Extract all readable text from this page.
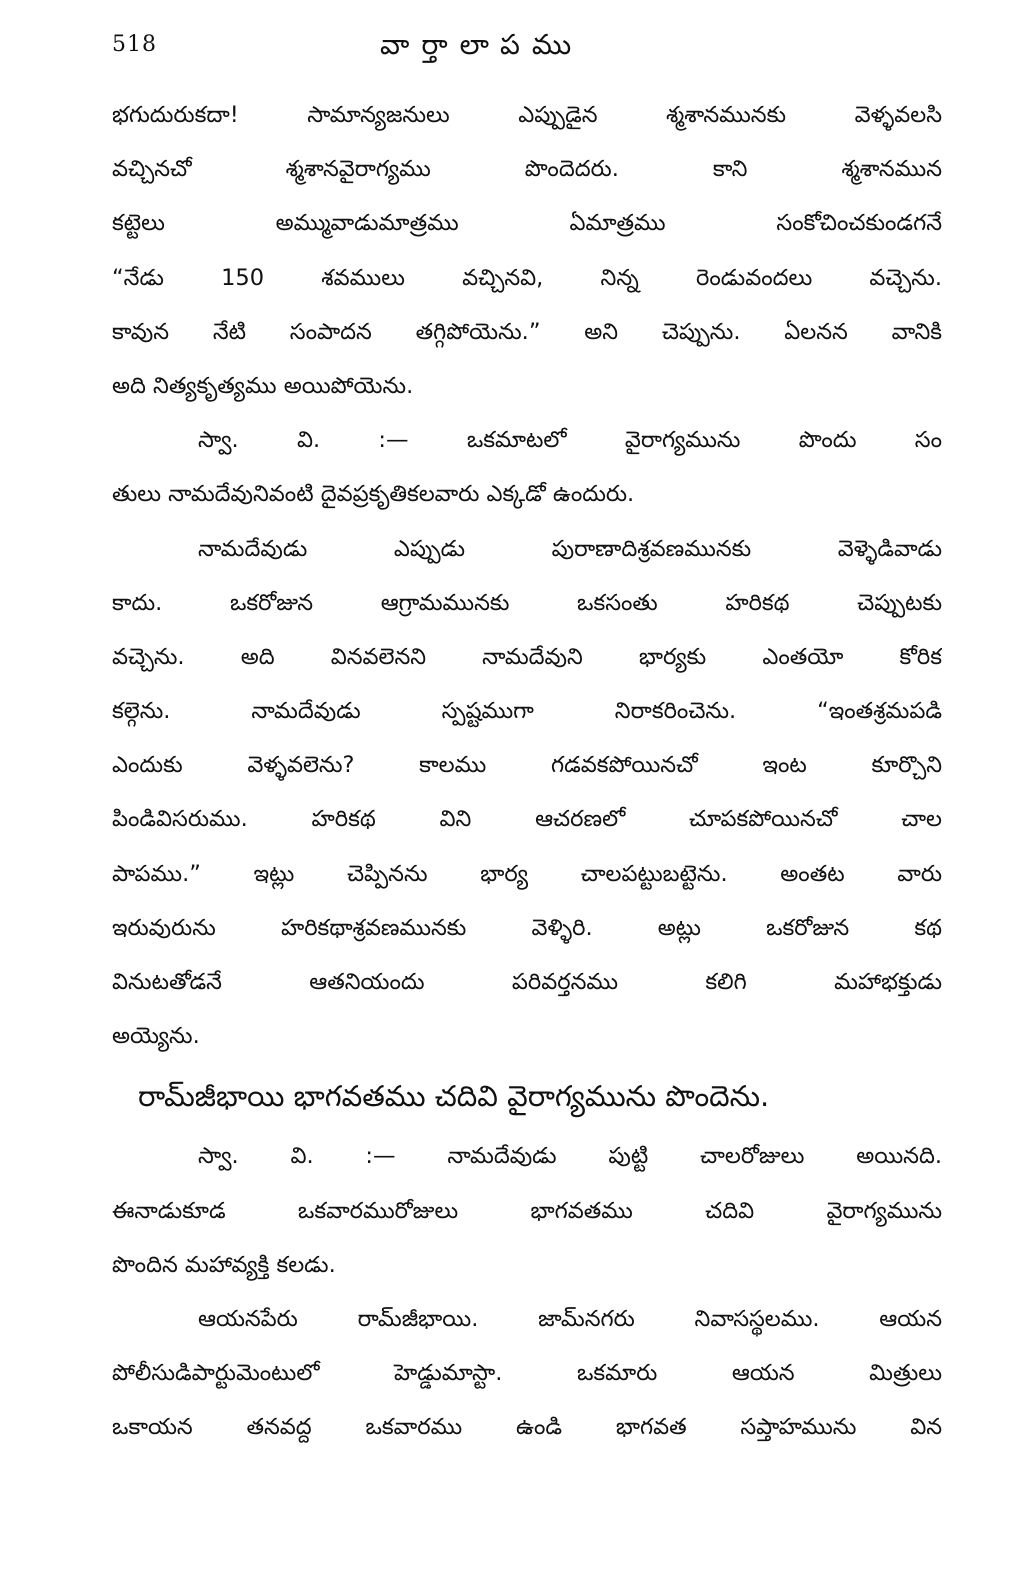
518	వార్తాలాపము
భగుదురుకదా! సామాన్యజనులు ఎప్పుడైన శ్మశానమునకు వెళ్ళవలసి
వచ్చినచో శ్మశానవైరాగ్యము పొందెదరు. కాని శ్మశానమున
కట్టెలు అమ్మువాడుమాత్రము ఏమాత్రము సంకోచించకుండగనే
“నేడు 150 శవములు వచ్చినవి, నిన్న రెండువందలు వచ్చెను.
కావున నేటి సంపాదన తగ్గిపోయెను.” అని చెప్పును. ఏలనన వానికి
అది నిత్యకృత్యము అయిపోయెను.
స్వా. వి. :— ఒకమాటలో వైరాగ్యమును పొందు సం
తులు నామదేవునివంటి దైవప్రకృతికలవారు ఎక్కడో ఉందురు.
నామదేవుడు ఎప్పుడు పురాణాదిశ్రవణమునకు వెళ్ళెడివాడు
కాదు. ఒకరోజున ఆగ్రామమునకు ఒకసంతు హరికథ చెప్పుటకు
వచ్చెను. అది వినవలెనని నామదేవుని భార్యకు ఎంతయో కోరిక
కల్గెను. నామదేవుడు స్పష్టముగా నిరాకరించెను. “ఇంతశ్రమపడి
ఎందుకు వెళ్ళవలెను? కాలము గడవకపోయినచో ఇంట కూర్చొని
పిండివిసరుము. హరికథ విని ఆచరణలో చూపకపోయినచో చాల
పాపము.” ఇట్లు చెప్పినను భార్య చాలపట్టుబట్టెను. అంతట వారు
ఇరువురును హరికథాశ్రవణమునకు వెళ్ళిరి. అట్లు ఒకరోజున కథ
వినుటతోడనే ఆతనియందు పరివర్తనము కలిగి మహాభక్తుడు
అయ్యెను.
రామ్‌జీభాయి భాగవతము చదివి వైరాగ్యమును పొందెను.
స్వా. వి. :— నామదేవుడు పుట్టి చాలరోజులు అయినది.
ఈనాడుకూడ ఒకవారమురోజులు భాగవతము చదివి వైరాగ్యమును
పొందిన మహావ్యక్తి కలడు.
ఆయనపేరు రామ్‌జీభాయి. జామ్‌నగరు నివాసస్థలము. ఆయన
పోలీసుడిపార్టుమెంటులో హెడ్డుమాస్టా. ఒకమారు ఆయన మిత్రులు
ఒకాయన తనవద్ద ఒకవారము ఉండి భాగవత సప్తాహమును విన
